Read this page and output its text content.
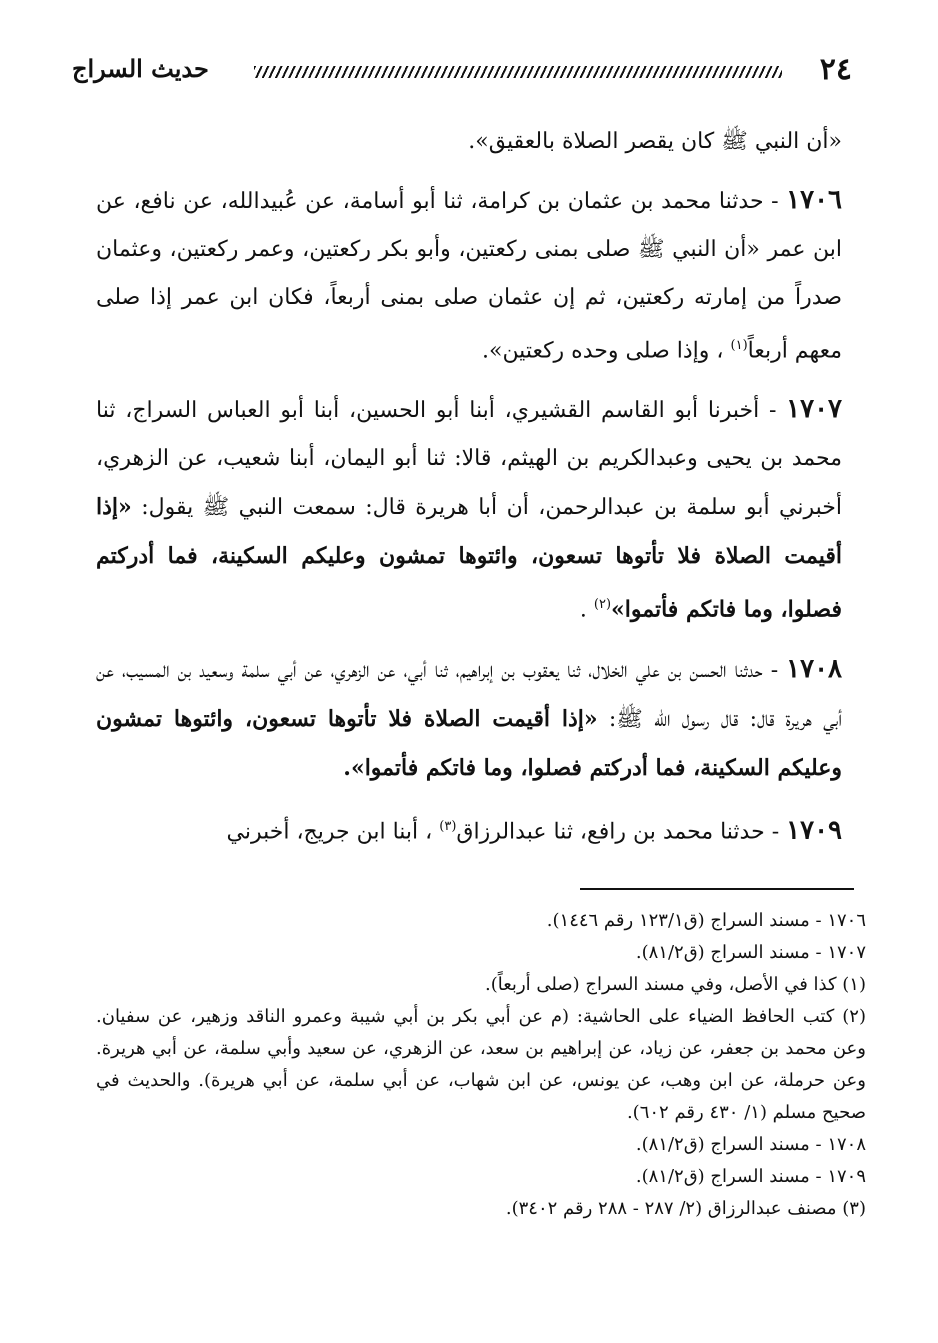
٢٤
حديث السراج

«أن النبي ﷺ كان يقصر الصلاة بالعقيق».

١٧٠٦ - حدثنا محمد بن عثمان بن كرامة، ثنا أبو أسامة، عن عُبيدالله، عن نافع، عن ابن عمر «أن النبي ﷺ صلى بمنى ركعتين، وأبو بكر ركعتين، وعمر ركعتين، وعثمان صدراً من إمارته ركعتين، ثم إن عثمان صلى بمنى أربعاً، فكان ابن عمر إذا صلى معهم أربعاً$^{(١)}$ ، وإذا صلى وحده ركعتين».

١٧٠٧ - أخبرنا أبو القاسم القشيري، أبنا أبو الحسين، أبنا أبو العباس السراج، ثنا محمد بن يحيى وعبدالكريم بن الهيثم، قالا: ثنا أبو اليمان، أبنا شعيب، عن الزهري، أخبرني أبو سلمة بن عبدالرحمن، أن أبا هريرة قال: سمعت النبي ﷺ يقول: «إذا أقيمت الصلاة فلا تأتوها تسعون، وائتوها تمشون وعليكم السكينة، فما أدركتم فصلوا، وما فاتكم فأتموا»$^{(٢)}$ .

١٧٠٨ - حدثنا الحسن بن علي الخلال، ثنا يعقوب بن إبراهيم، ثنا أبي، عن الزهري، عن أبي سلمة وسعيد بن المسيب، عن أبي هريرة قال: قال رسول الله ﷺ: «إذا أقيمت الصلاة فلا تأتوها تسعون، وائتوها تمشون وعليكم السكينة، فما أدركتم فصلوا، وما فاتكم فأتموا».

١٧٠٩ - حدثنا محمد بن رافع، ثنا عبدالرزاق$^{(٣)}$ ، أبنا ابن جريج، أخبرني

١٧٠٦ - مسند السراج (ق١٢٣/١ رقم ١٤٤٦).

١٧٠٧ - مسند السراج (ق٨١/٢).

(١) كذا في الأصل، وفي مسند السراج (صلى أربعاً).

(٢) كتب الحافظ الضياء على الحاشية: (م عن أبي بكر بن أبي شيبة وعمرو الناقد وزهير، عن سفيان. وعن محمد بن جعفر، عن زياد، عن إبراهيم بن سعد، عن الزهري، عن سعيد وأبي سلمة، عن أبي هريرة. وعن حرملة، عن ابن وهب، عن يونس، عن ابن شهاب، عن أبي سلمة، عن أبي هريرة). والحديث في صحيح مسلم (١/ ٤٣٠ رقم ٦٠٢).

١٧٠٨ - مسند السراج (ق٨١/٢).

١٧٠٩ - مسند السراج (ق٨١/٢).

(٣) مصنف عبدالرزاق (٢/ ٢٨٧ - ٢٨٨ رقم ٣٤٠٢).
